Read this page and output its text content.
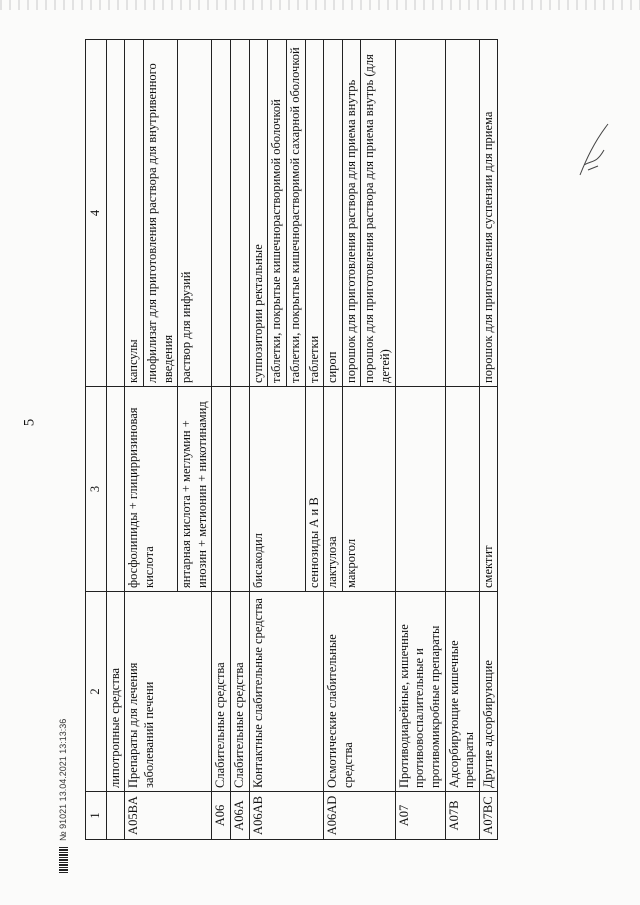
5
1	2	3	4
	липотропные средства		
A05BA	Препараты для лечения заболеваний печени	фосфолипиды + глицирризиновая кислота	капсулы
			лиофилизат для приготовления раствора для внутривенного введения
		янтарная кислота + меглумин + инозин + метионин + никотинамид	раствор для инфузий
A06	Слабительные средства		
A06A	Слабительные средства		
A06AB	Контактные слабительные средства	бисакодил	суппозитории ректальные
			таблетки, покрытые кишечнорастворимой оболочкой
			таблетки, покрытые кишечнорастворимой сахарной оболочкой
		сеннозиды А и В	таблетки
A06AD	Осмотические слабительные средства	лактулоза	сироп
		макрогол	порошок для приготовления раствора для приема внутрь
			порошок для приготовления раствора для приема внутрь (для детей)
A07	Противодиарейные, кишечные противовоспалительные и противомикробные препараты		
A07B	Адсорбирующие кишечные препараты		
A07BC	Другие адсорбирующие	смектит	порошок для приготовления суспензии для приема
№ 91021 13.04.2021 13:13:36
